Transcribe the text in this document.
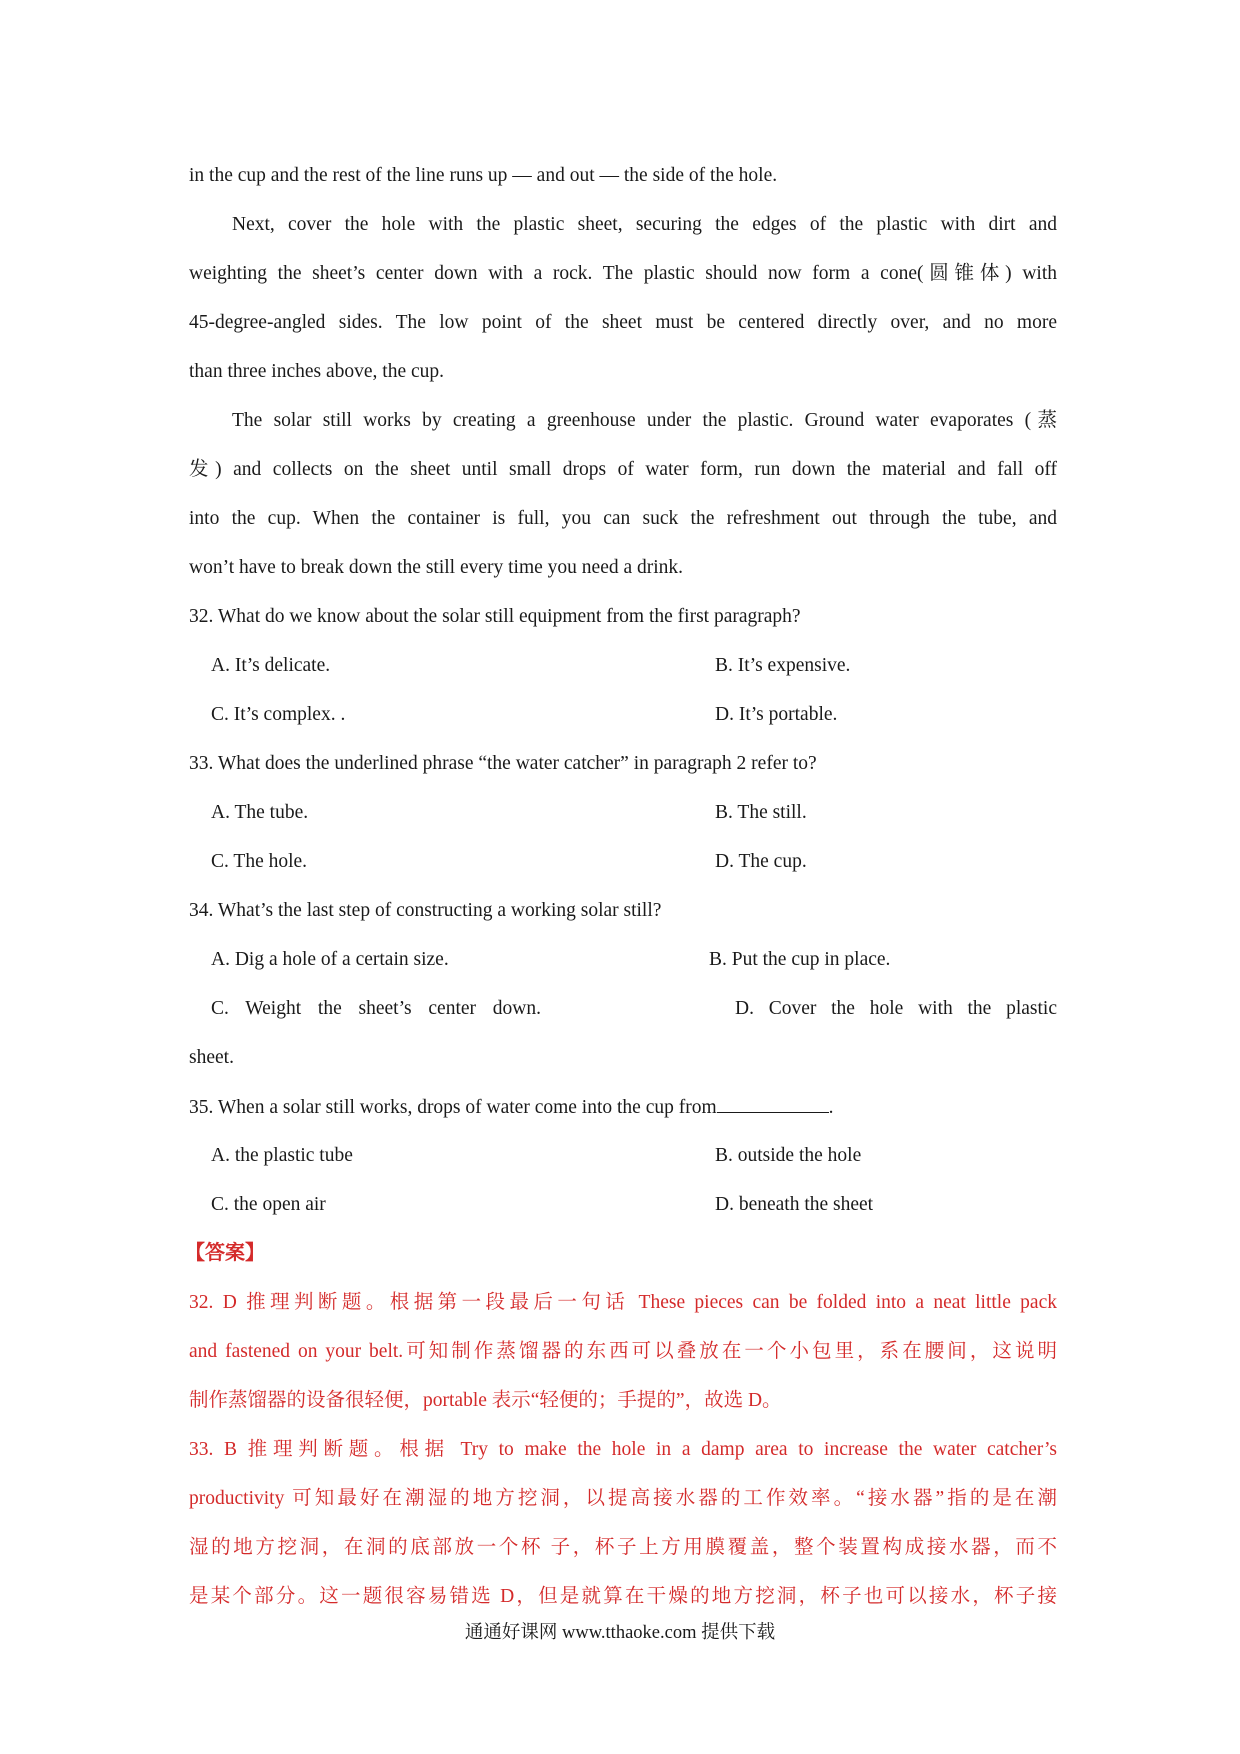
in the cup and the rest of the line runs up — and out — the side of the hole.
Next, cover the hole with the plastic sheet, securing the edges of the plastic with dirt and
weighting the sheet’s center down with a rock. The plastic should now form a cone(圆锥体) with
45-degree-angled sides. The low point of the sheet must be centered directly over, and no more
than three inches above, the cup.
The solar still works by creating a greenhouse under the plastic. Ground water evaporates (蒸
发) and collects on the sheet until small drops of water form, run down the material and fall off
into the cup. When the container is full, you can suck the refreshment out through the tube, and
won’t have to break down the still every time you need a drink.
32. What do we know about the solar still equipment from the first paragraph?
A. It’s delicate.	B. It’s expensive.
C. It’s complex. .	D. It’s portable.
33. What does the underlined phrase “the water catcher” in paragraph 2 refer to?
A. The tube.	B. The still.
C. The hole.	D. The cup.
34. What’s the last step of constructing a working solar still?
A. Dig a hole of a certain size.	B. Put the cup in place.
C. Weight the sheet’s center down.	D. Cover the hole with the plastic
sheet.
35. When a solar still works, drops of water come into the cup from	.
A. the plastic tube	B. outside the hole
C. the open air	D. beneath the sheet
【答案】
32. D 推理判断题。根据第一段最后一句话 These pieces can be folded into a neat little pack
and fastened on your belt.可知制作蒸馏器的东西可以叠放在一个小包里，系在腰间，这说明
制作蒸馏器的设备很轻便，portable 表示“轻便的；手提的”，故选 D。
33. B 推理判断题。根据 Try to make the hole in a damp area to increase the water catcher’s
productivity 可知最好在潮湿的地方挖洞，以提高接水器的工作效率。“接水器”指的是在潮
湿的地方挖洞，在洞的底部放一个杯 子，杯子上方用膜覆盖，整个装置构成接水器，而不
是某个部分。这一题很容易错选 D，但是就算在干燥的地方挖洞，杯子也可以接水，杯子接
通通好课网 www.tthaoke.com 提供下载
